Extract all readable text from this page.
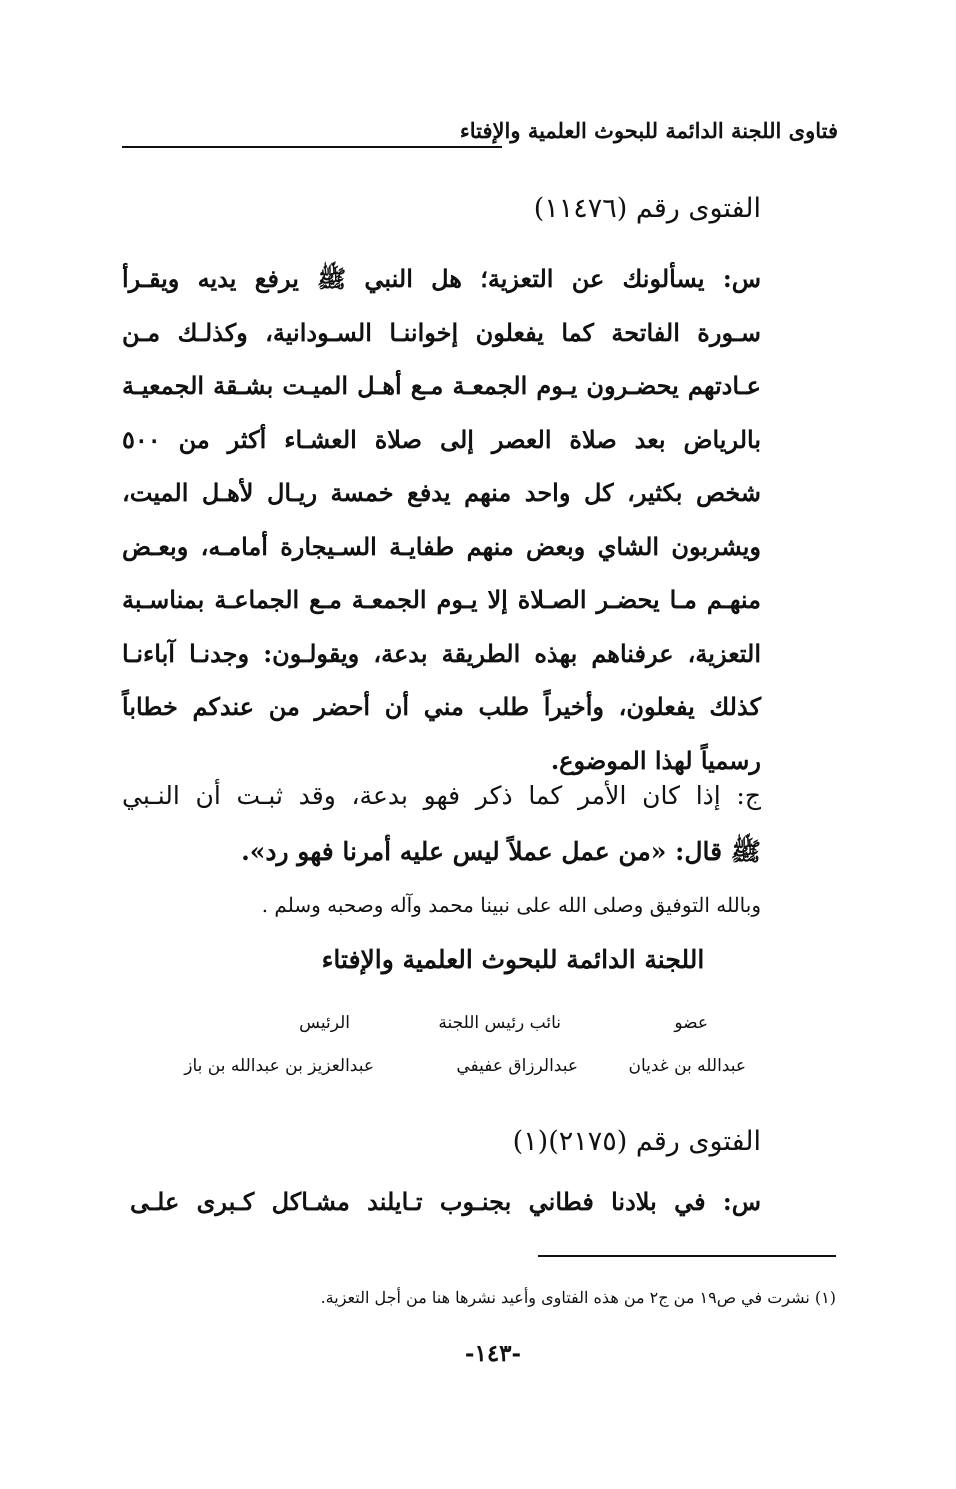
فتاوى اللجنة الدائمة للبحوث العلمية والإفتاء
الفتوى رقم (١١٤٧٦)
س: يسألونك عن التعزية؛ هل النبي ﷺ يرفع يديه ويقـرأ
سـورة الفاتحة كما يفعلون إخواننـا السـودانية، وكذلـك مـن
عـادتهم يحضـرون يـوم الجمعـة مـع أهـل الميـت بشـقة الجمعيـة
بالرياض بعد صلاة العصر إلى صلاة العشـاء أكثر من ٥٠٠
شخص بكثير، كل واحد منهم يدفع خمسة ريـال لأهـل الميت،
ويشربون الشاي وبعض منهم طفايـة السـيجارة أمامـه، وبعـض
منهـم مـا يحضـر الصـلاة إلا يـوم الجمعـة مـع الجماعـة بمناسـبة
التعزية، عرفناهم بهذه الطريقة بدعة، ويقولـون: وجدنـا آباءنـا
كذلك يفعلون، وأخيراً طلب مني أن أحضر من عندكم خطاباً
رسمياً لهذا الموضوع.
ج: إذا كان الأمر كما ذكر فهو بدعة، وقد ثبـت أن النـبي
ﷺ قال: «من عمل عملاً ليس عليه أمرنا فهو رد».
وبالله التوفيق وصلى الله على نبينا محمد وآله وصحبه وسلم .
اللجنة الدائمة للبحوث العلمية والإفتاء
عضو
عبدالله بن غديان
نائب رئيس اللجنة
عبدالرزاق عفيفي
الرئيس
عبدالعزيز بن عبدالله بن باز
الفتوى رقم (٢١٧٥)(١)
س: في بلادنا فطاني بجنـوب تـايلند مشـاكل كـبرى علـى
(١) نشرت في ص١٩ من ج٢ من هذه الفتاوى وأعيد نشرها هنا من أجل التعزية.
-١٤٣-
